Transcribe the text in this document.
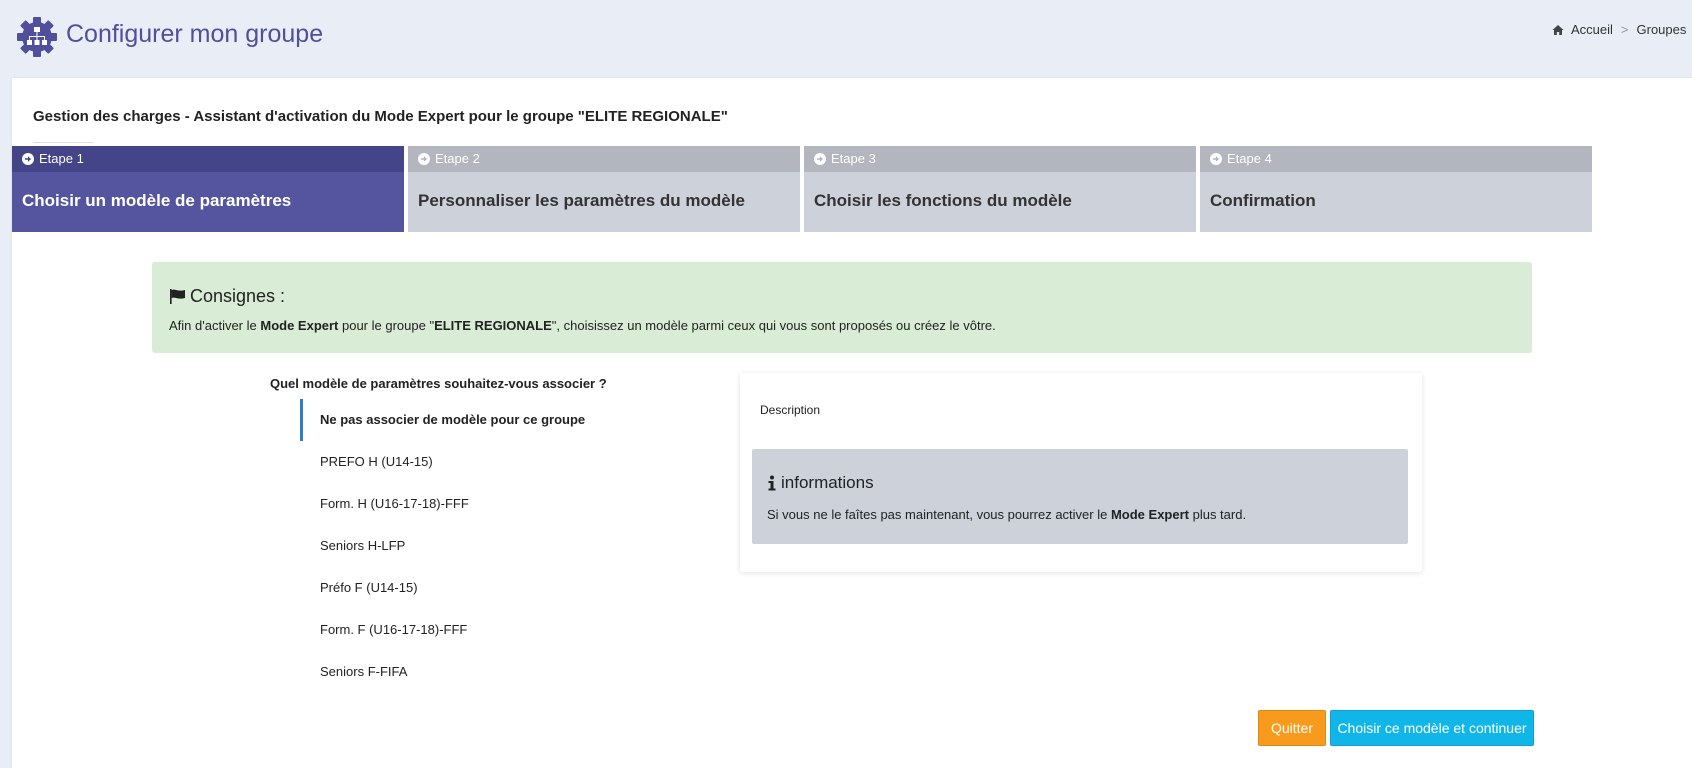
Configurer mon groupe	Accueil > Groupes
Gestion des charges - Assistant d'activation du Mode Expert pour le groupe "ELITE REGIONALE"
Etape 1
Choisir un modèle de paramètres
Etape 2
Personnaliser les paramètres du modèle
Etape 3
Choisir les fonctions du modèle
Etape 4
Confirmation
Consignes :
Afin d'activer le Mode Expert pour le groupe "ELITE REGIONALE", choisissez un modèle parmi ceux qui vous sont proposés ou créez le vôtre.
Quel modèle de paramètres souhaitez-vous associer ?
Ne pas associer de modèle pour ce groupe
PREFO H (U14-15)
Form. H (U16-17-18)-FFF
Seniors H-LFP
Préfo F (U14-15)
Form. F (U16-17-18)-FFF
Seniors F-FIFA
Description
informations
Si vous ne le faîtes pas maintenant, vous pourrez activer le Mode Expert plus tard.
Quitter	Choisir ce modèle et continuer
